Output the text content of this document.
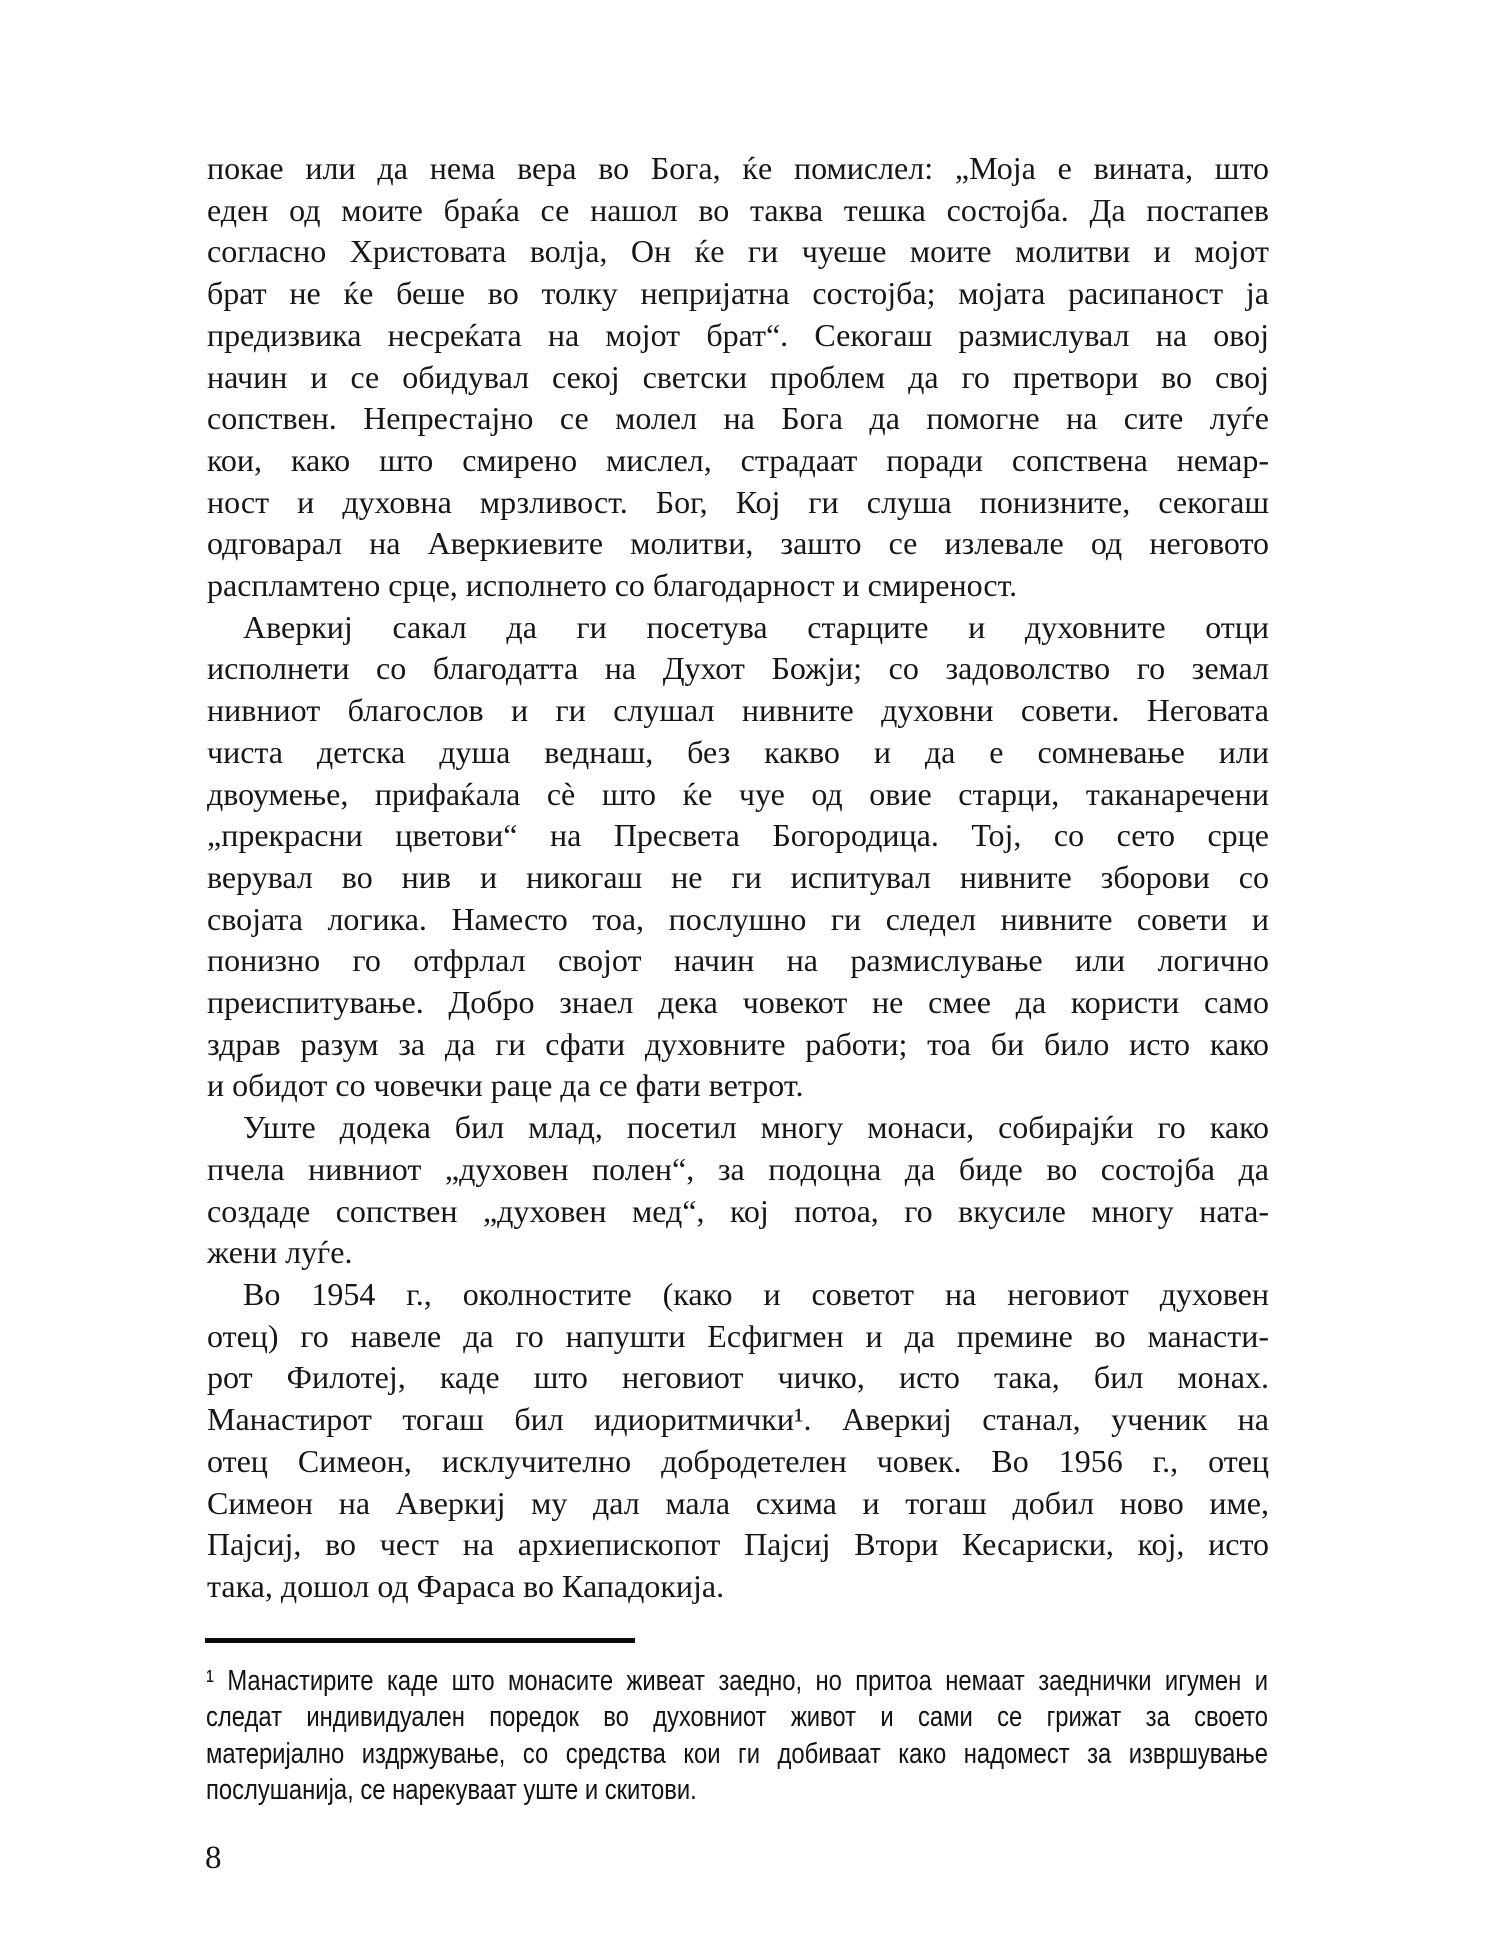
покае или да нема вера во Бога, ќе помислел: „Моја е вината, што
еден од моите браќа се нашол во таква тешка состојба. Да постапев
согласно Христовата волја, Он ќе ги чуеше моите молитви и мојот
брат не ќе беше во толку непријатна состојба; мојата расипаност ја
предизвика несреќата на мојот брат“. Секогаш размислувал на овој
начин и се обидувал секој светски проблем да го претвори во свој
сопствен. Непрестајно се молел на Бога да помогне на сите луѓе
кои, како што смирено мислел, страдаат поради сопствена немар-
ност и духовна мрзливост. Бог, Кој ги слуша понизните, секогаш
одговарал на Аверкиевите молитви, зашто се излевале од неговото
распламтено срце, исполнето со благодарност и смиреност.
Аверкиј сакал да ги посетува старците и духовните отци
исполнети со благодатта на Духот Божји; со задоволство го земал
нивниот благослов и ги слушал нивните духовни совети. Неговата
чиста детска душа веднаш, без какво и да е сомневање или
двоумење, прифаќала сè што ќе чуе од овие старци, таканаречени
„прекрасни цветови“ на Пресвета Богородица. Тој, со сето срце
верувал во нив и никогаш не ги испитувал нивните зборови со
својата логика. Наместо тоа, послушно ги следел нивните совети и
понизно го отфрлал својот начин на размислување или логично
преиспитување. Добро знаел дека човекот не смее да користи само
здрав разум за да ги сфати духовните работи; тоа би било исто како
и обидот со човечки раце да се фати ветрот.
Уште додека бил млад, посетил многу монаси, собирајќи го како
пчела нивниот „духовен полен“, за подоцна да биде во состојба да
создаде сопствен „духовен мед“, кој потоа, го вкусиле многу ната-
жени луѓе.
Во 1954 г., околностите (како и советот на неговиот духовен
отец) го навеле да го напушти Есфигмен и да премине во манасти-
рот Филотеј, каде што неговиот чичко, исто така, бил монах.
Манастирот тогаш бил идиоритмички¹. Аверкиј станал, ученик на
отец Симеон, исклучително добродетелен човек. Во 1956 г., отец
Симеон на Аверкиј му дал мала схима и тогаш добил ново име,
Пајсиј, во чест на архиепископот Пајсиј Втори Кесариски, кој, исто
така, дошол од Фараса во Кападокија.
¹ Манастирите каде што монасите живеат заедно, но притоа немаат заеднички игумен и
следат индивидуален поредок во духовниот живот и сами се грижат за своето
материјално издржување, со средства кои ги добиваат како надомест за извршување
послушанија, се нарекуваат уште и скитови.
8
